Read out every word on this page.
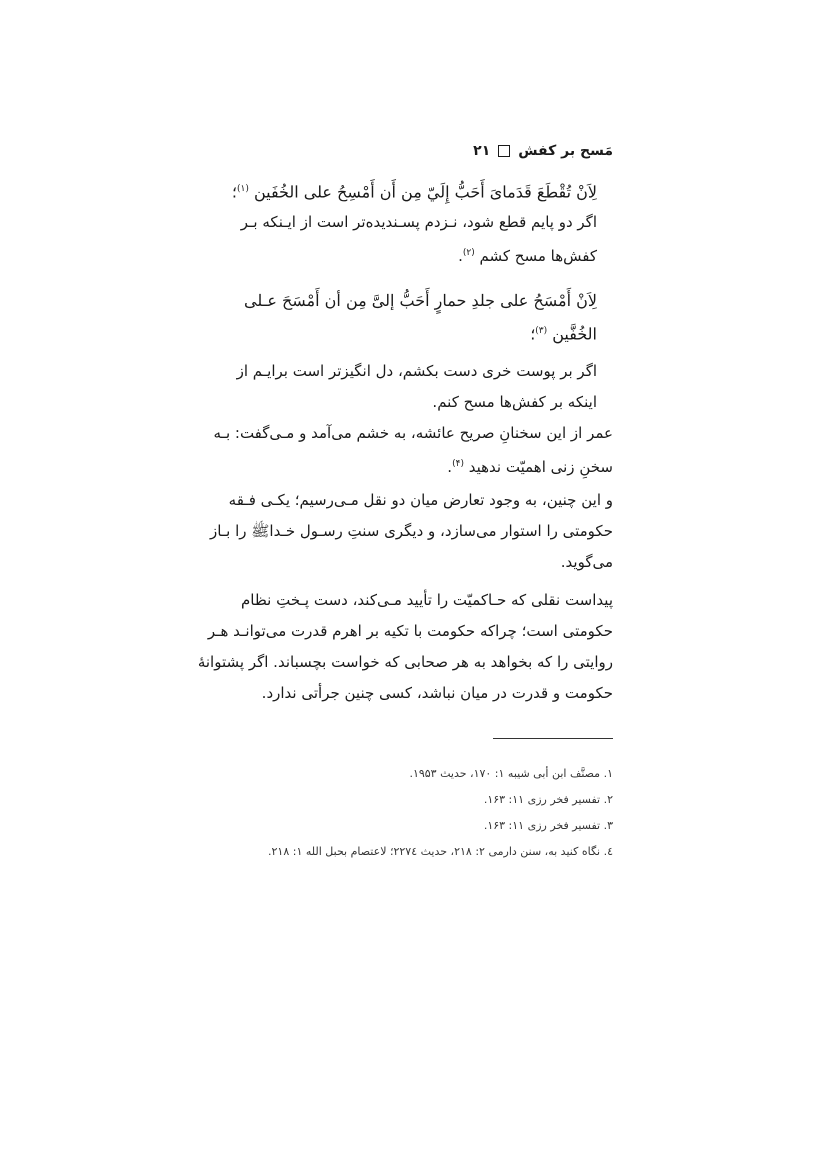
مَسح بر کفش
۲۱
لِاَنْ تُقْطَعَ قَدَمایَ أَحَبُّ إِلَيّ مِن أَن أَمْسِحُ على الخُفَين $^{(۱)}$؛
اگر دو پایم قطع شود، نـزدم پسـندیده‌تر است از ایـنکه بـر
کفش‌ها مسح کشم $^{(۲)}$.
لِاَنْ أَمْسَحُ على جلدِ حمارٍ أَحَبُّ إلىَّ مِن أن أَمْسَحَ عـلى
الخُفَّين $^{(۳)}$؛
اگر بر پوست خری دست بکشم، دل انگیزتر است برایـم از
اینکه بر کفش‌ها مسح کنم.
عمر از این سخنانِ صریح عائشه، به خشم می‌آمد و مـی‌گفت: بـه
سخنِ زنی اهمیّت ندهید $^{(۴)}$.
و این چنین، به وجود تعارض میان دو نقل مـی‌رسیم؛ یکـی فـقه
حکومتی را استوار می‌سازد، و دیگری سنتِ رسـول خـداﷺ را بـاز
می‌گوید.
پیداست نقلی که حـاکمیّت را تأیید مـی‌کند، دست پـختِ نظام
حکومتی است؛ چراکه حکومت با تکیه بر اهرم قدرت می‌توانـد هـر
روایتی را که بخواهد به هر صحابی که خواست بچسباند. اگر پشتوانهٔ
حکومت و قدرت در میان نباشد، کسی چنین جرأتی ندارد.
۱. مصنَّف ابن أبی شیبه ۱: ۱۷۰، حدیث ۱۹۵۳.
۲. تفسیر فخر رزی ۱۱: ۱۶۳.
۳. تفسیر فخر رزی ۱۱: ۱۶۳.
٤. نگاه کنید به، سنن دارمی ۲: ۲۱۸، حدیث ۲۲۷٤؛ لاعتصام بحبل الله ۱: ۲۱۸.
